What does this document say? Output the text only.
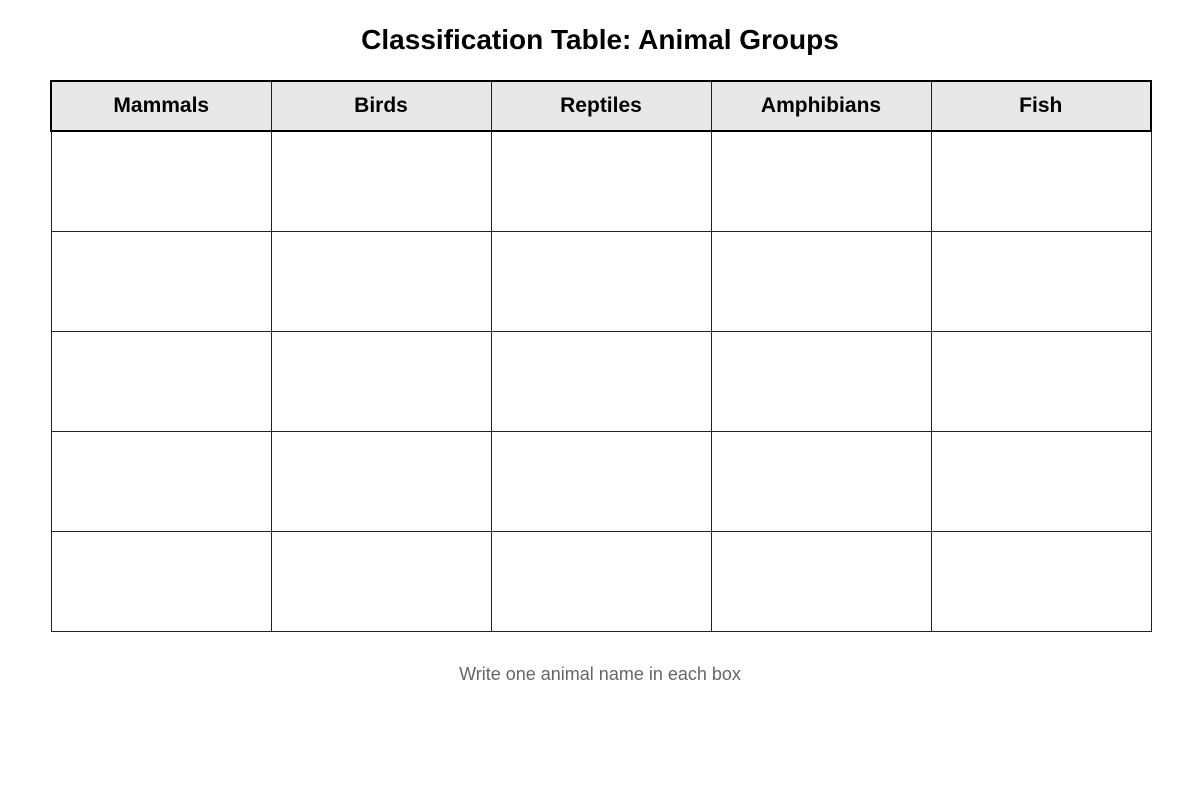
Classification Table: Animal Groups
Mammals	Birds	Reptiles	Amphibians	Fish

Write one animal name in each box
